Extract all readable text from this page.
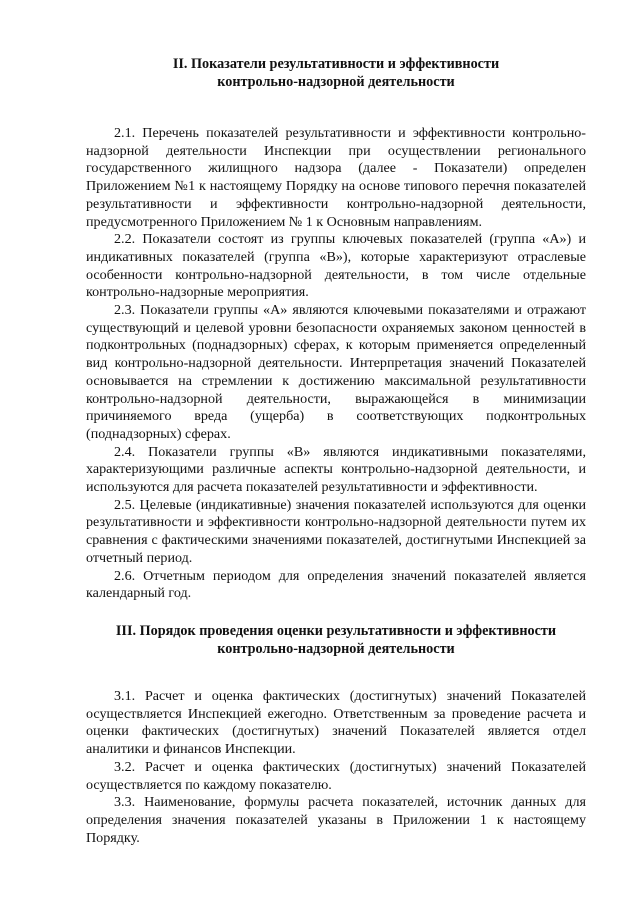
II. Показатели результативности и эффективности
контрольно-надзорной деятельности

2.1. Перечень показателей результативности и эффективности контрольно-надзорной деятельности Инспекции при осуществлении регионального государственного жилищного надзора (далее - Показатели) определен Приложением №1 к настоящему Порядку на основе типового перечня показателей результативности и эффективности контрольно-надзорной деятельности, предусмотренного Приложением № 1 к Основным направлениям.

2.2. Показатели состоят из группы ключевых показателей (группа «А») и индикативных показателей (группа «В»), которые характеризуют отраслевые особенности контрольно-надзорной деятельности, в том числе отдельные контрольно-надзорные мероприятия.

2.3. Показатели группы «А» являются ключевыми показателями и отражают существующий и целевой уровни безопасности охраняемых законом ценностей в подконтрольных (поднадзорных) сферах, к которым применяется определенный вид контрольно-надзорной деятельности. Интерпретация значений Показателей основывается на стремлении к достижению максимальной результативности контрольно-надзорной деятельности, выражающейся в минимизации причиняемого вреда (ущерба) в соответствующих подконтрольных (поднадзорных) сферах.

2.4. Показатели группы «В» являются индикативными показателями, характеризующими различные аспекты контрольно-надзорной деятельности, и используются для расчета показателей результативности и эффективности.

2.5. Целевые (индикативные) значения показателей используются для оценки результативности и эффективности контрольно-надзорной деятельности путем их сравнения с фактическими значениями показателей, достигнутыми Инспекцией за отчетный период.

2.6. Отчетным периодом для определения значений показателей является календарный год.

III. Порядок проведения оценки результативности и эффективности
контрольно-надзорной деятельности

3.1. Расчет и оценка фактических (достигнутых) значений Показателей осуществляется Инспекцией ежегодно. Ответственным за проведение расчета и оценки фактических (достигнутых) значений Показателей является отдел аналитики и финансов Инспекции.

3.2. Расчет и оценка фактических (достигнутых) значений Показателей осуществляется по каждому показателю.

3.3. Наименование, формулы расчета показателей, источник данных для определения значения показателей указаны в Приложении 1 к настоящему Порядку.
